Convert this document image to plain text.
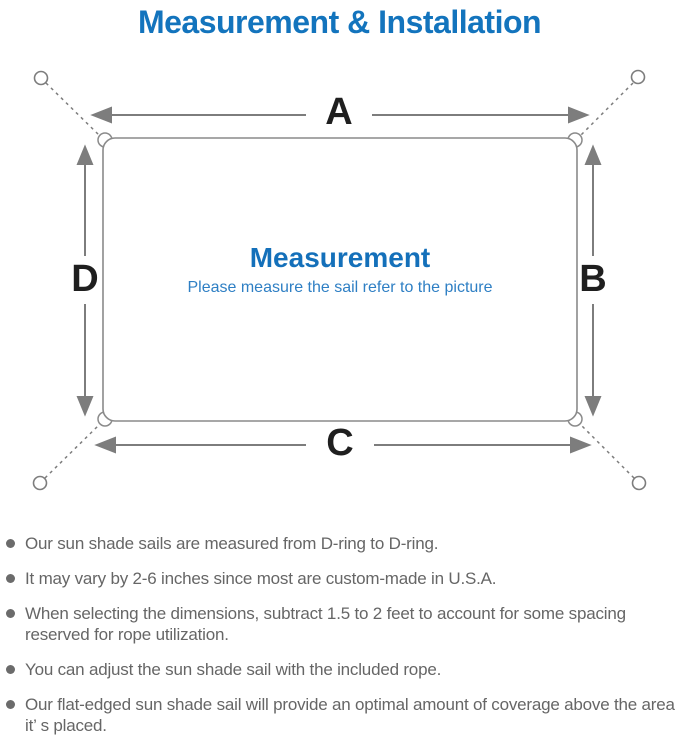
Measurement & Installation
A
B
C
D
Measurement

Please measure the sail refer to the picture

Our sun shade sails are measured from D-ring to D-ring.
It may vary by 2-6 inches since most are custom-made in U.S.A.
When selecting the dimensions, subtract 1.5 to 2 feet to account for some spacing reserved for rope utilization.
You can adjust the sun shade sail with the included rope.
Our flat-edged sun shade sail will provide an optimal amount of coverage above the area it’ s placed.
